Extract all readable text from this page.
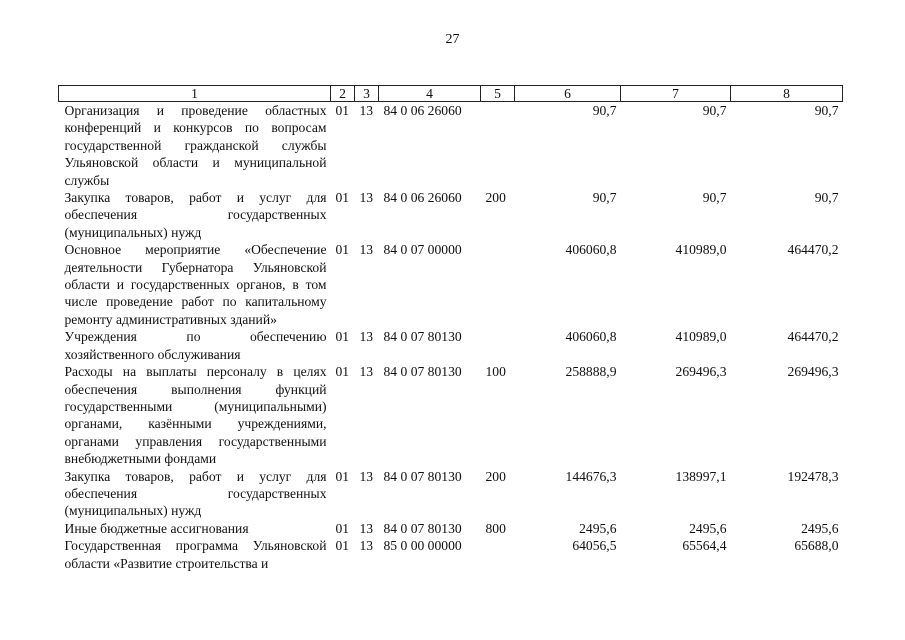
27
1	2	3	4	5	6	7	8
Организация и проведение областных конференций и конкурсов по вопросам государственной гражданской службы Ульяновской области и муниципальной службы	01	13	84 0 06 26060		90,7	90,7	90,7
Закупка товаров, работ и услуг для обеспечения государственных (муниципальных) нужд	01	13	84 0 06 26060	200	90,7	90,7	90,7
Основное мероприятие «Обеспечение деятельности Губернатора Ульяновской области и государственных органов, в том числе проведение работ по капитальному ремонту административных зданий»	01	13	84 0 07 00000		406060,8	410989,0	464470,2
Учреждения по обеспечению хозяйственного обслуживания	01	13	84 0 07 80130		406060,8	410989,0	464470,2
Расходы на выплаты персоналу в целях обеспечения выполнения функций государственными (муниципальными) органами, казёнными учреждениями, органами управления государственными внебюджетными фондами	01	13	84 0 07 80130	100	258888,9	269496,3	269496,3
Закупка товаров, работ и услуг для обеспечения государственных (муниципальных) нужд	01	13	84 0 07 80130	200	144676,3	138997,1	192478,3
Иные бюджетные ассигнования	01	13	84 0 07 80130	800	2495,6	2495,6	2495,6
Государственная программа Ульяновской области «Развитие строительства и	01	13	85 0 00 00000		64056,5	65564,4	65688,0
